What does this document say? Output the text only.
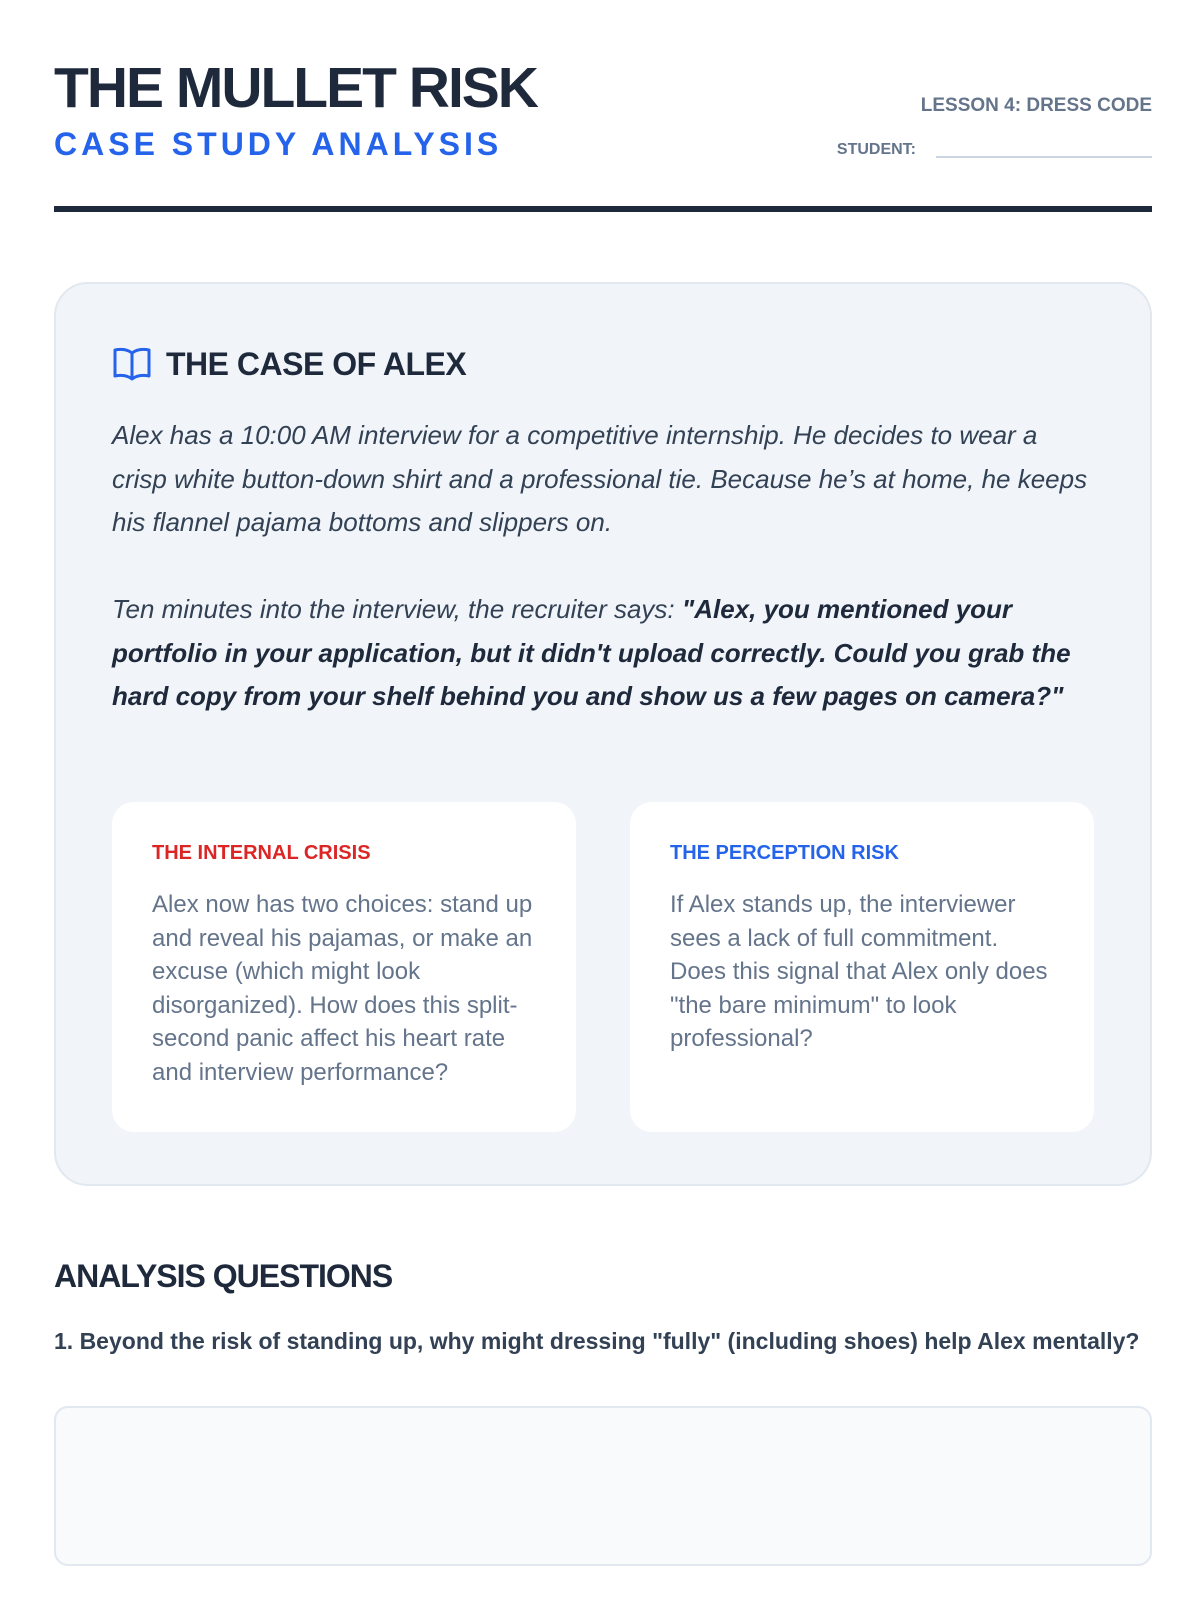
THE MULLET RISK
CASE STUDY ANALYSIS
LESSON 4: DRESS CODE
STUDENT:
THE CASE OF ALEX

Alex has a 10:00 AM interview for a competitive internship. He decides to wear a crisp white button-down shirt and a professional tie. Because he’s at home, he keeps his flannel pajama bottoms and slippers on.

Ten minutes into the interview, the recruiter says: "Alex, you mentioned your portfolio in your application, but it didn't upload correctly. Could you grab the hard copy from your shelf behind you and show us a few pages on camera?"

THE INTERNAL CRISIS

Alex now has two choices: stand up and reveal his pajamas, or make an excuse (which might look disorganized). How does this split-second panic affect his heart rate and interview performance?

THE PERCEPTION RISK

If Alex stands up, the interviewer sees a lack of full commitment. Does this signal that Alex only does "the bare minimum" to look professional?

ANALYSIS QUESTIONS

1. Beyond the risk of standing up, why might dressing "fully" (including shoes) help Alex mentally?
